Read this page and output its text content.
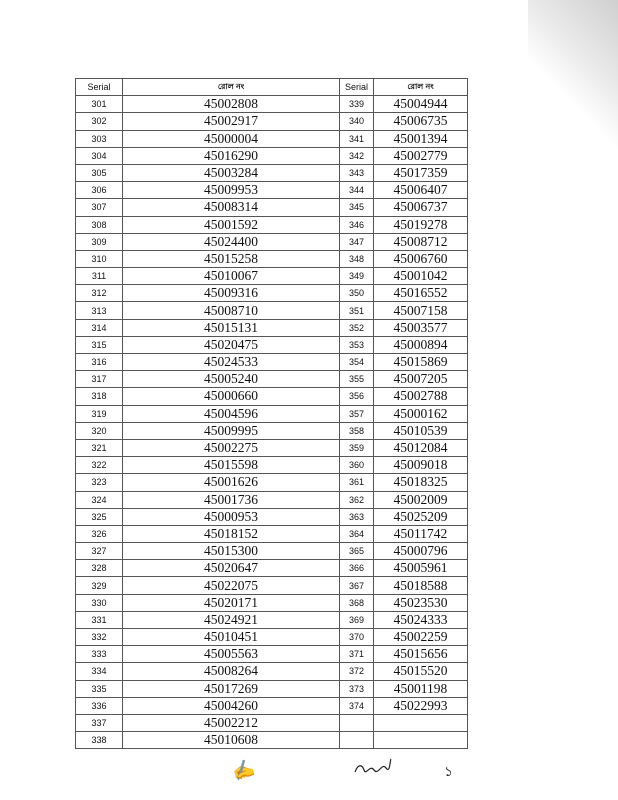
Serial	রোল নং	Serial	রোল নং
301	45002808	339	45004944
302	45002917	340	45006735
303	45000004	341	45001394
304	45016290	342	45002779
305	45003284	343	45017359
306	45009953	344	45006407
307	45008314	345	45006737
308	45001592	346	45019278
309	45024400	347	45008712
310	45015258	348	45006760
311	45010067	349	45001042
312	45009316	350	45016552
313	45008710	351	45007158
314	45015131	352	45003577
315	45020475	353	45000894
316	45024533	354	45015869
317	45005240	355	45007205
318	45000660	356	45002788
319	45004596	357	45000162
320	45009995	358	45010539
321	45002275	359	45012084
322	45015598	360	45009018
323	45001626	361	45018325
324	45001736	362	45002009
325	45000953	363	45025209
326	45018152	364	45011742
327	45015300	365	45000796
328	45020647	366	45005961
329	45022075	367	45018588
330	45020171	368	45023530
331	45024921	369	45024333
332	45010451	370	45002259
333	45005563	371	45015656
334	45008264	372	45015520
335	45017269	373	45001198
336	45004260	374	45022993
337	45002212		
338	45010608		
✍	১
